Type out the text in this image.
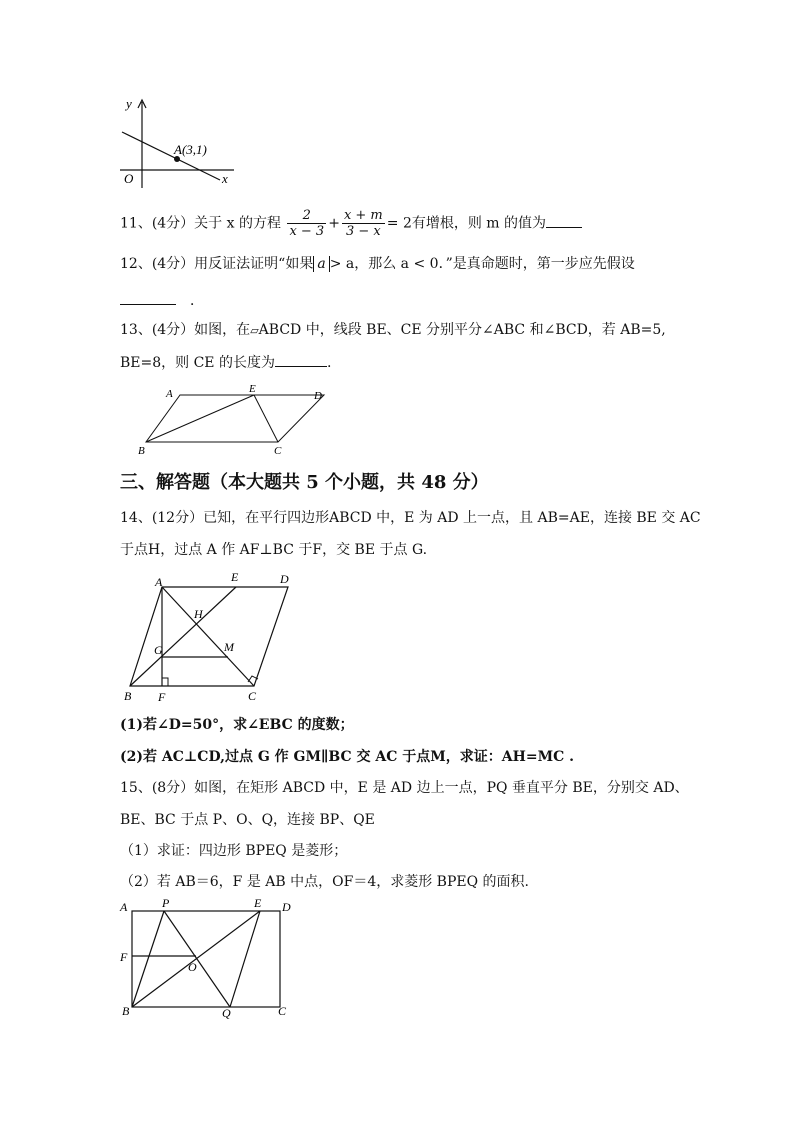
y
x
O
A(3,1)
11、(4分）关于 x 的方程 $\frac{2}{x - 3} + \frac{x + m}{3 - x} = 2$有增根，则 m 的值为
12、(4分）用反证法证明“如果 a > a，那么 a < 0．”是真命题时，第一步应先假设
．
13、(4分）如图，在▱ABCD 中，线段 BE、CE 分别平分∠ABC 和∠BCD，若 AB=5,
BE=8，则 CE 的长度为	.
A	E
D
B	C
三、解答题（本大题共 5 个小题，共 48 分）
14、(12分）已知，在平行四边形ABCD 中，E 为 AD 上一点，且 AB=AE，连接 BE 交 AC
于点H，过点 A 作 AF⊥BC 于F，交 BE 于点 G.
A	E	D
H
G	M
B F	C
(1)若∠D=50°，求∠EBC 的度数；
(2)若 AC⊥CD,过点 G 作 GM∥BC 交 AC 于点M，求证：AH=MC .
15、(8分）如图，在矩形 ABCD 中，E 是 AD 边上一点，PQ 垂直平分 BE，分别交 AD、
BE、BC 于点 P、O、Q，连接 BP、QE
（1）求证：四边形 BPEQ 是菱形；
（2）若 AB＝6，F 是 AB 中点，OF＝4，求菱形 BPEQ 的面积.
A	P	E D
F
O
B	Q	C
